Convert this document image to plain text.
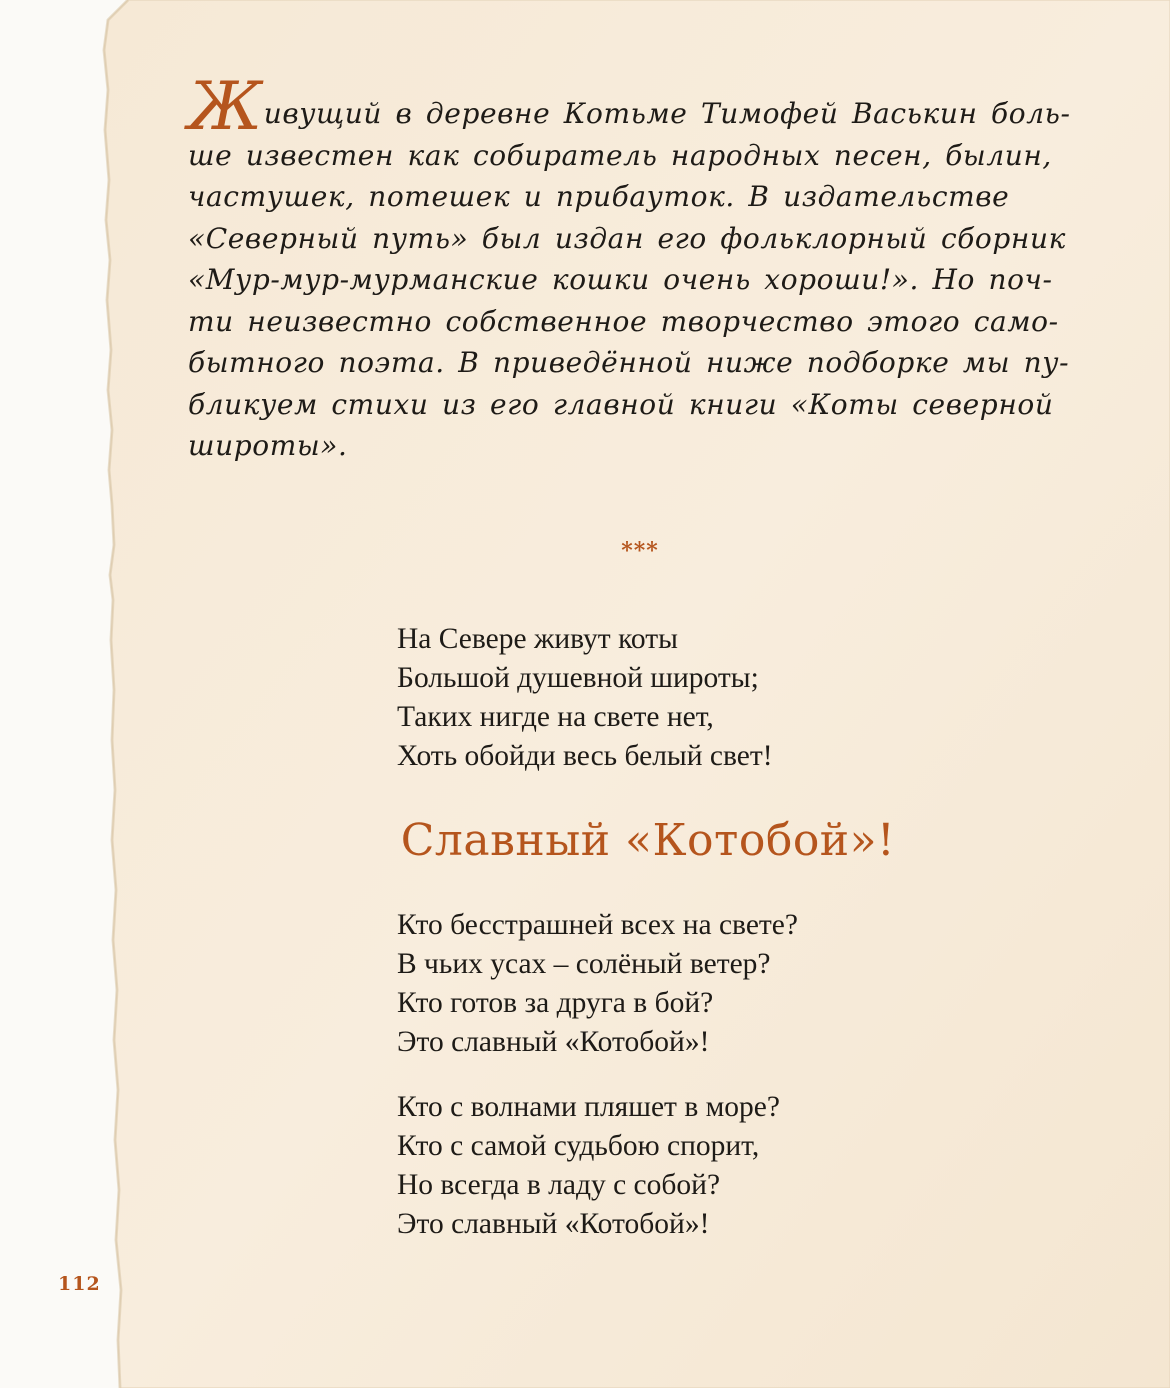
Живущий в деревне Котьме Тимофей Васькин боль-
ше известен как собиратель народных песен, былин,
частушек, потешек и прибауток. В издательстве
«Северный путь» был издан его фольклорный сборник
«Мур-мур-мурманские кошки очень хороши!». Но поч-
ти неизвестно собственное творчество этого само-
бытного поэта. В приведённой ниже подборке мы пу-
бликуем стихи из его главной книги «Коты северной
широты».
***
На Севере живут коты
Большой душевной широты;
Таких нигде на свете нет,
Хоть обойди весь белый свет!
Славный «Котобой»!
Кто бесстрашней всех на свете?
В чьих усах – солёный ветер?
Кто готов за друга в бой?
Это славный «Котобой»!
Кто с волнами пляшет в море?
Кто с самой судьбою спорит,
Но всегда в ладу с собой?
Это славный «Котобой»!
112
